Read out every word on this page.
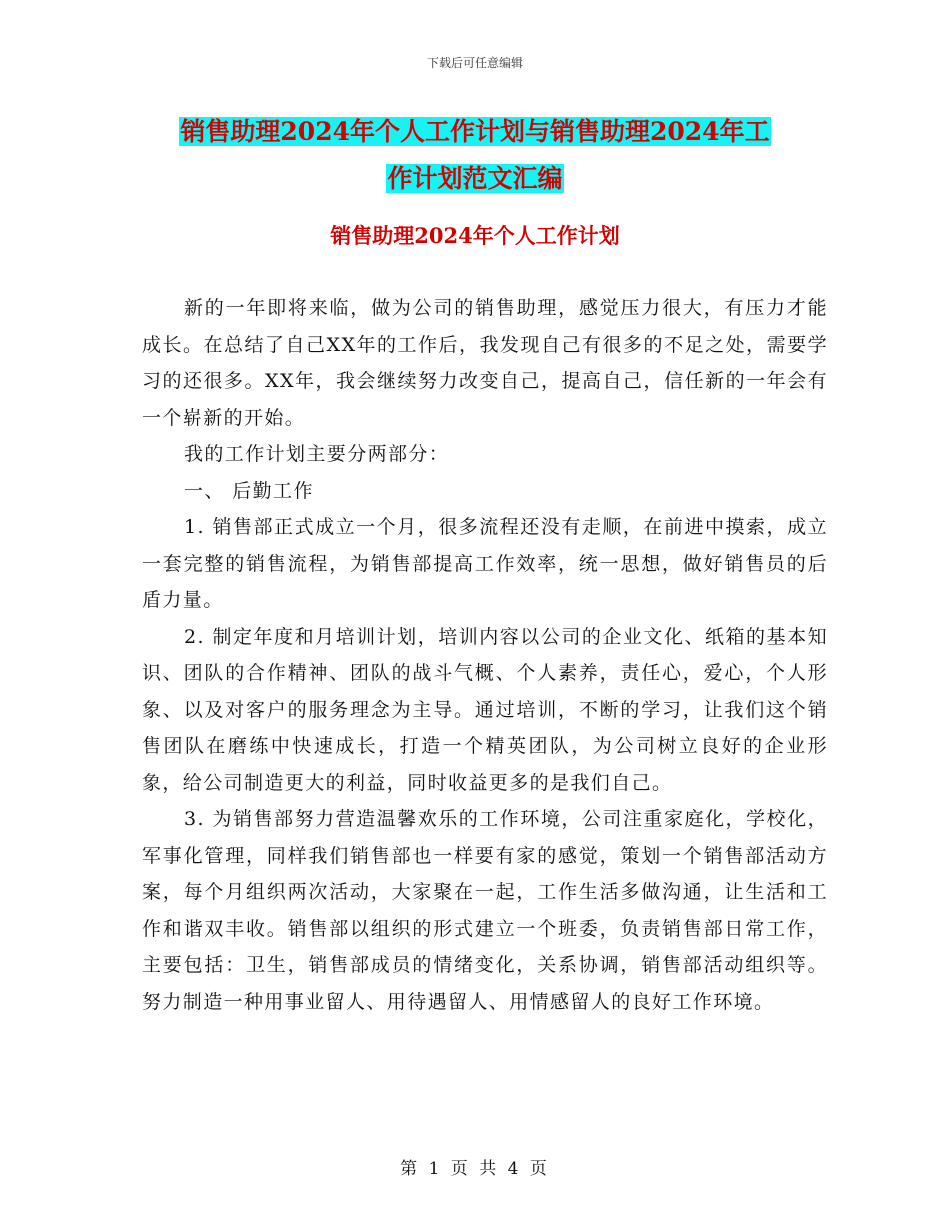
下载后可任意编辑
销售助理2024年个人工作计划与销售助理2024年工
作计划范文汇编
销售助理2024年个人工作计划

新的一年即将来临，做为公司的销售助理，感觉压力很大，有压力才能成长。在总结了自己XX年的工作后，我发现自己有很多的不足之处，需要学习的还很多。XX年，我会继续努力改变自己，提高自己，信任新的一年会有一个崭新的开始。

我的工作计划主要分两部分：

一、 后勤工作

1. 销售部正式成立一个月，很多流程还没有走顺，在前进中摸索，成立一套完整的销售流程，为销售部提高工作效率，统一思想，做好销售员的后盾力量。

2. 制定年度和月培训计划，培训内容以公司的企业文化、纸箱的基本知识、团队的合作精神、团队的战斗气概、个人素养，责任心，爱心，个人形象、以及对客户的服务理念为主导。通过培训，不断的学习，让我们这个销售团队在磨练中快速成长，打造一个精英团队，为公司树立良好的企业形象，给公司制造更大的利益，同时收益更多的是我们自己。

3. 为销售部努力营造温馨欢乐的工作环境，公司注重家庭化，学校化，军事化管理，同样我们销售部也一样要有家的感觉，策划一个销售部活动方案，每个月组织两次活动，大家聚在一起，工作生活多做沟通，让生活和工作和谐双丰收。销售部以组织的形式建立一个班委，负责销售部日常工作，主要包括：卫生，销售部成员的情绪变化，关系协调，销售部活动组织等。努力制造一种用事业留人、用待遇留人、用情感留人的良好工作环境。

第 1 页 共 4 页
